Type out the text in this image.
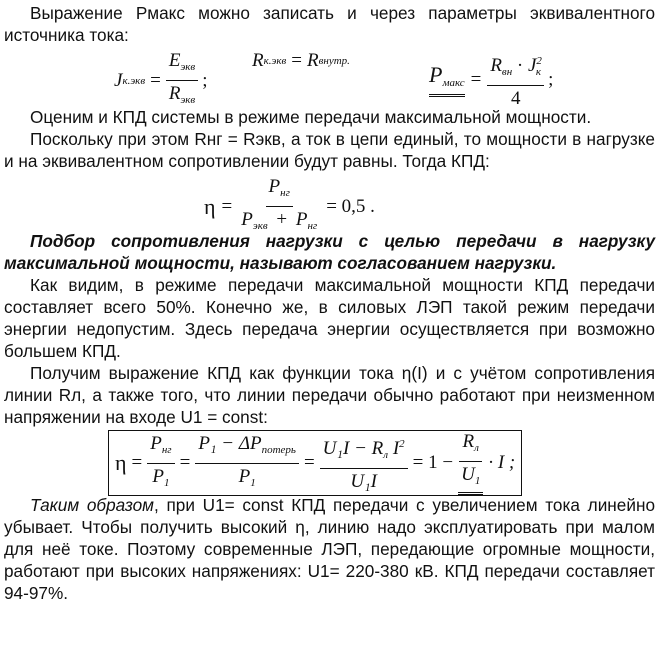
Выражение Рмакс можно записать и через параметры эквивалентного источника тока:

J $к.экв = \frac{E_{экв}}{R_{экв}}$ ;
R к.экв = R внутр.
$P_{макс} = \frac{R_{вн} \cdot J^2_к}{4}$ ;

Оценим и КПД системы в режиме передачи максимальной мощности.

Поскольку при этом Rнг = Rэкв, а ток в цепи единый, то мощности в нагрузке и на эквивалентном сопротивлении будут равны. Тогда КПД:

$\eta = \frac{P_{нг}}{P_{экв} + P_{нг}} = 0,5$ .

Подбор сопротивления нагрузки с целью передачи в нагрузку максимальной мощности, называют согласованием нагрузки.

Как видим, в режиме передачи максимальной мощности КПД передачи составляет всего 50%. Конечно же, в силовых ЛЭП такой режим передачи энергии недопустим. Здесь передача энергии осуществляется при возможно большем КПД.

Получим выражение КПД как функции тока η(I) и с учётом сопротивления линии Rл, а также того, что линии передачи обычно работают при неизменном напряжении на входе U1 = const:

$\eta = \frac{P_{нг}}{P_1} = \frac{P_1 - \Delta P_{потерь}}{P_1} = \frac{U_1I - R_л I^2}{\text{U₁I}} = 1 - \frac{R_л}{U_1} \cdot I$ ;

Таким образом, при U1= const КПД передачи с увеличением тока линейно убывает. Чтобы получить высокий η, линию надо эксплуатировать при малом для неё токе. Поэтому современные ЛЭП, передающие огромные мощности, работают при высоких напряжениях: U1= 220-380 кВ. КПД передачи составляет 94-97%.
